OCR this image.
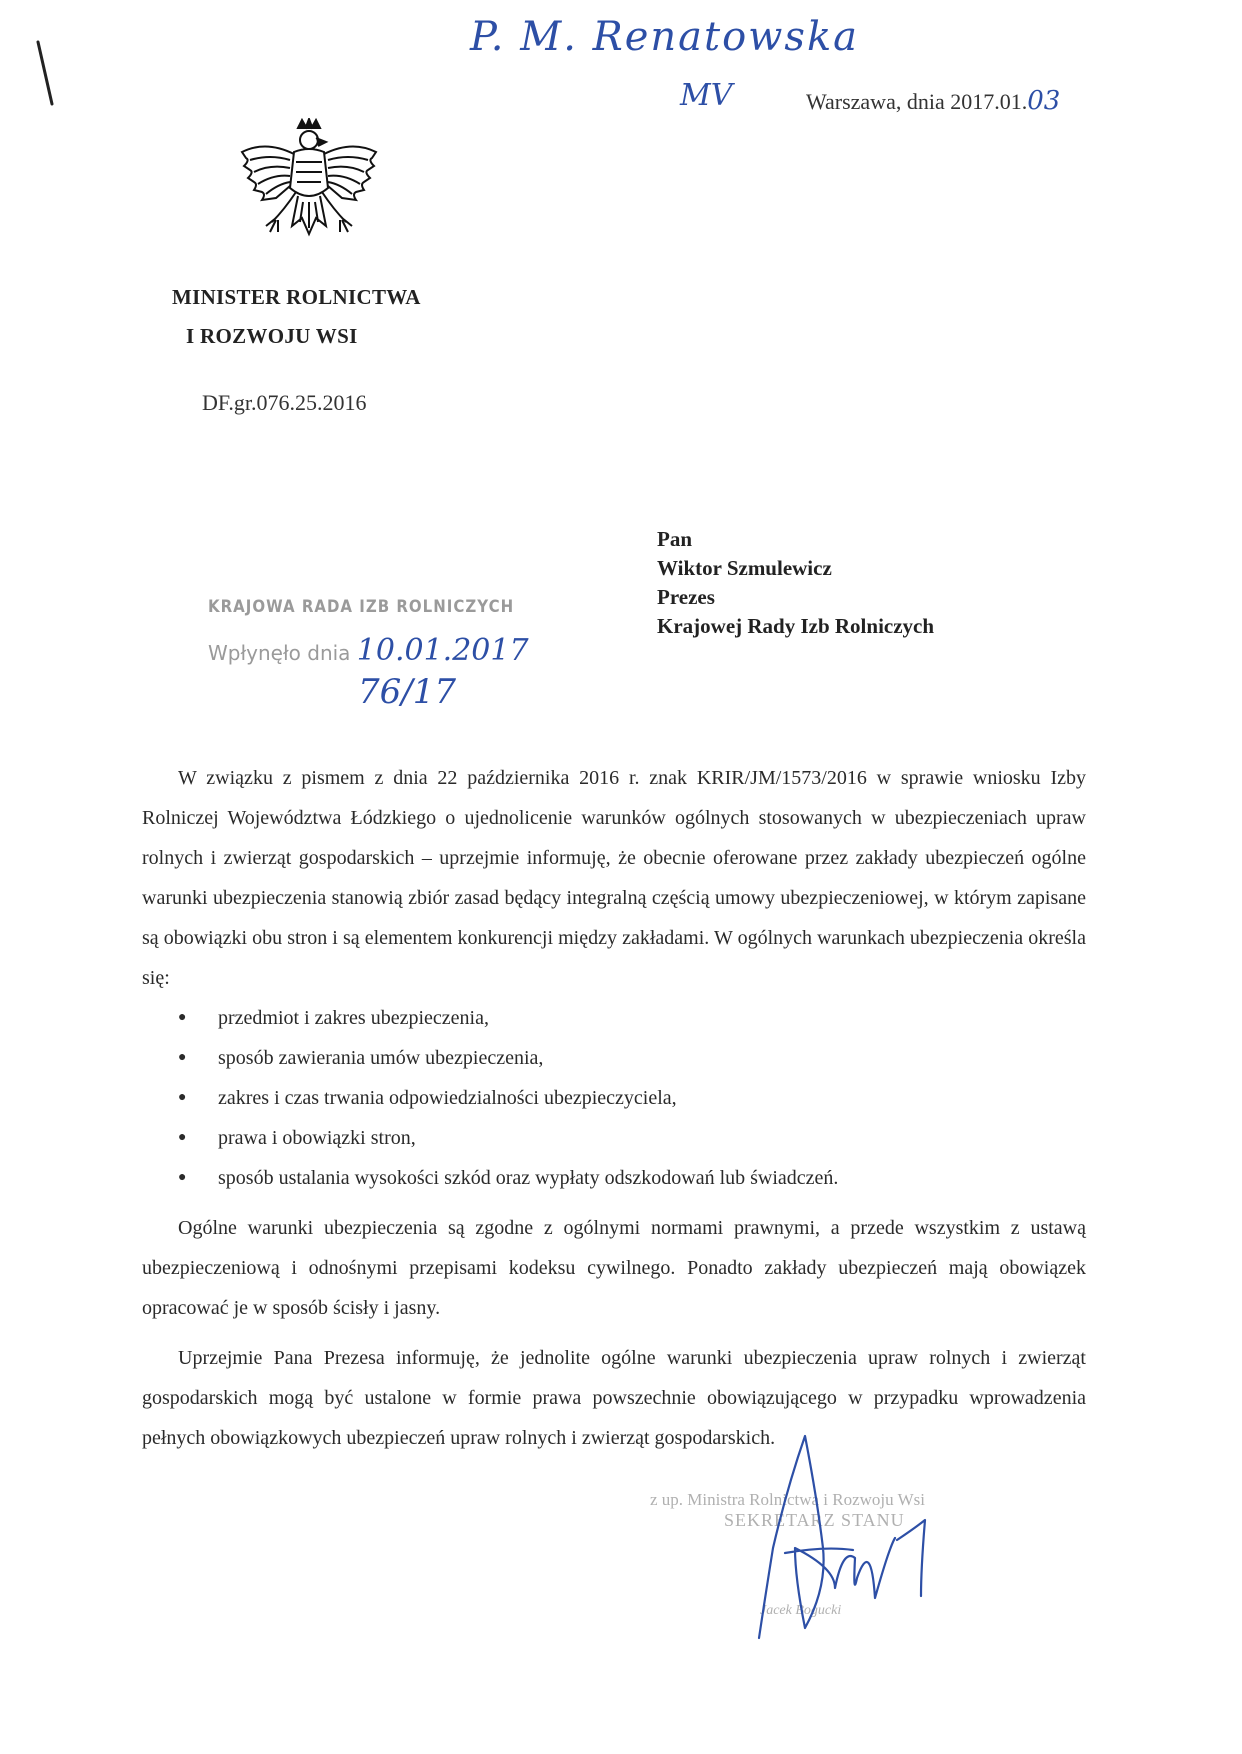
P. M. Renatowska
MV	Warszawa, dnia 2017.01.03
MINISTER ROLNICTWA
I ROZWOJU WSI
DF.gr.076.25.2016
Pan
Wiktor Szmulewicz
Prezes
Krajowej Rady Izb Rolniczych
KRAJOWA RADA IZB ROLNICZYCH
Wpłynęło dnia 10.01.2017
76/17

W związku z pismem z dnia 22 października 2016 r. znak KRIR/JM/1573/2016 w sprawie wniosku Izby Rolniczej Województwa Łódzkiego o ujednolicenie warunków ogólnych stosowanych w ubezpieczeniach upraw rolnych i zwierząt gospodarskich – uprzejmie informuję, że obecnie oferowane przez zakłady ubezpieczeń ogólne warunki ubezpieczenia stanowią zbiór zasad będący integralną częścią umowy ubezpieczeniowej, w którym zapisane są obowiązki obu stron i są elementem konkurencji między zakładami. W ogólnych warunkach ubezpieczenia określa się:

● przedmiot i zakres ubezpieczenia,
● sposób zawierania umów ubezpieczenia,
● zakres i czas trwania odpowiedzialności ubezpieczyciela,
● prawa i obowiązki stron,
● sposób ustalania wysokości szkód oraz wypłaty odszkodowań lub świadczeń.

Ogólne warunki ubezpieczenia są zgodne z ogólnymi normami prawnymi, a przede wszystkim z ustawą ubezpieczeniową i odnośnymi przepisami kodeksu cywilnego. Ponadto zakłady ubezpieczeń mają obowiązek opracować je w sposób ścisły i jasny.

Uprzejmie Pana Prezesa informuję, że jednolite ogólne warunki ubezpieczenia upraw rolnych i zwierząt gospodarskich mogą być ustalone w formie prawa powszechnie obowiązującego w przypadku wprowadzenia pełnych obowiązkowych ubezpieczeń upraw rolnych i zwierząt gospodarskich.

z up. Ministra Rolnictwa i Rozwoju Wsi
SEKRETARZ STANU
Jacek Bogucki
